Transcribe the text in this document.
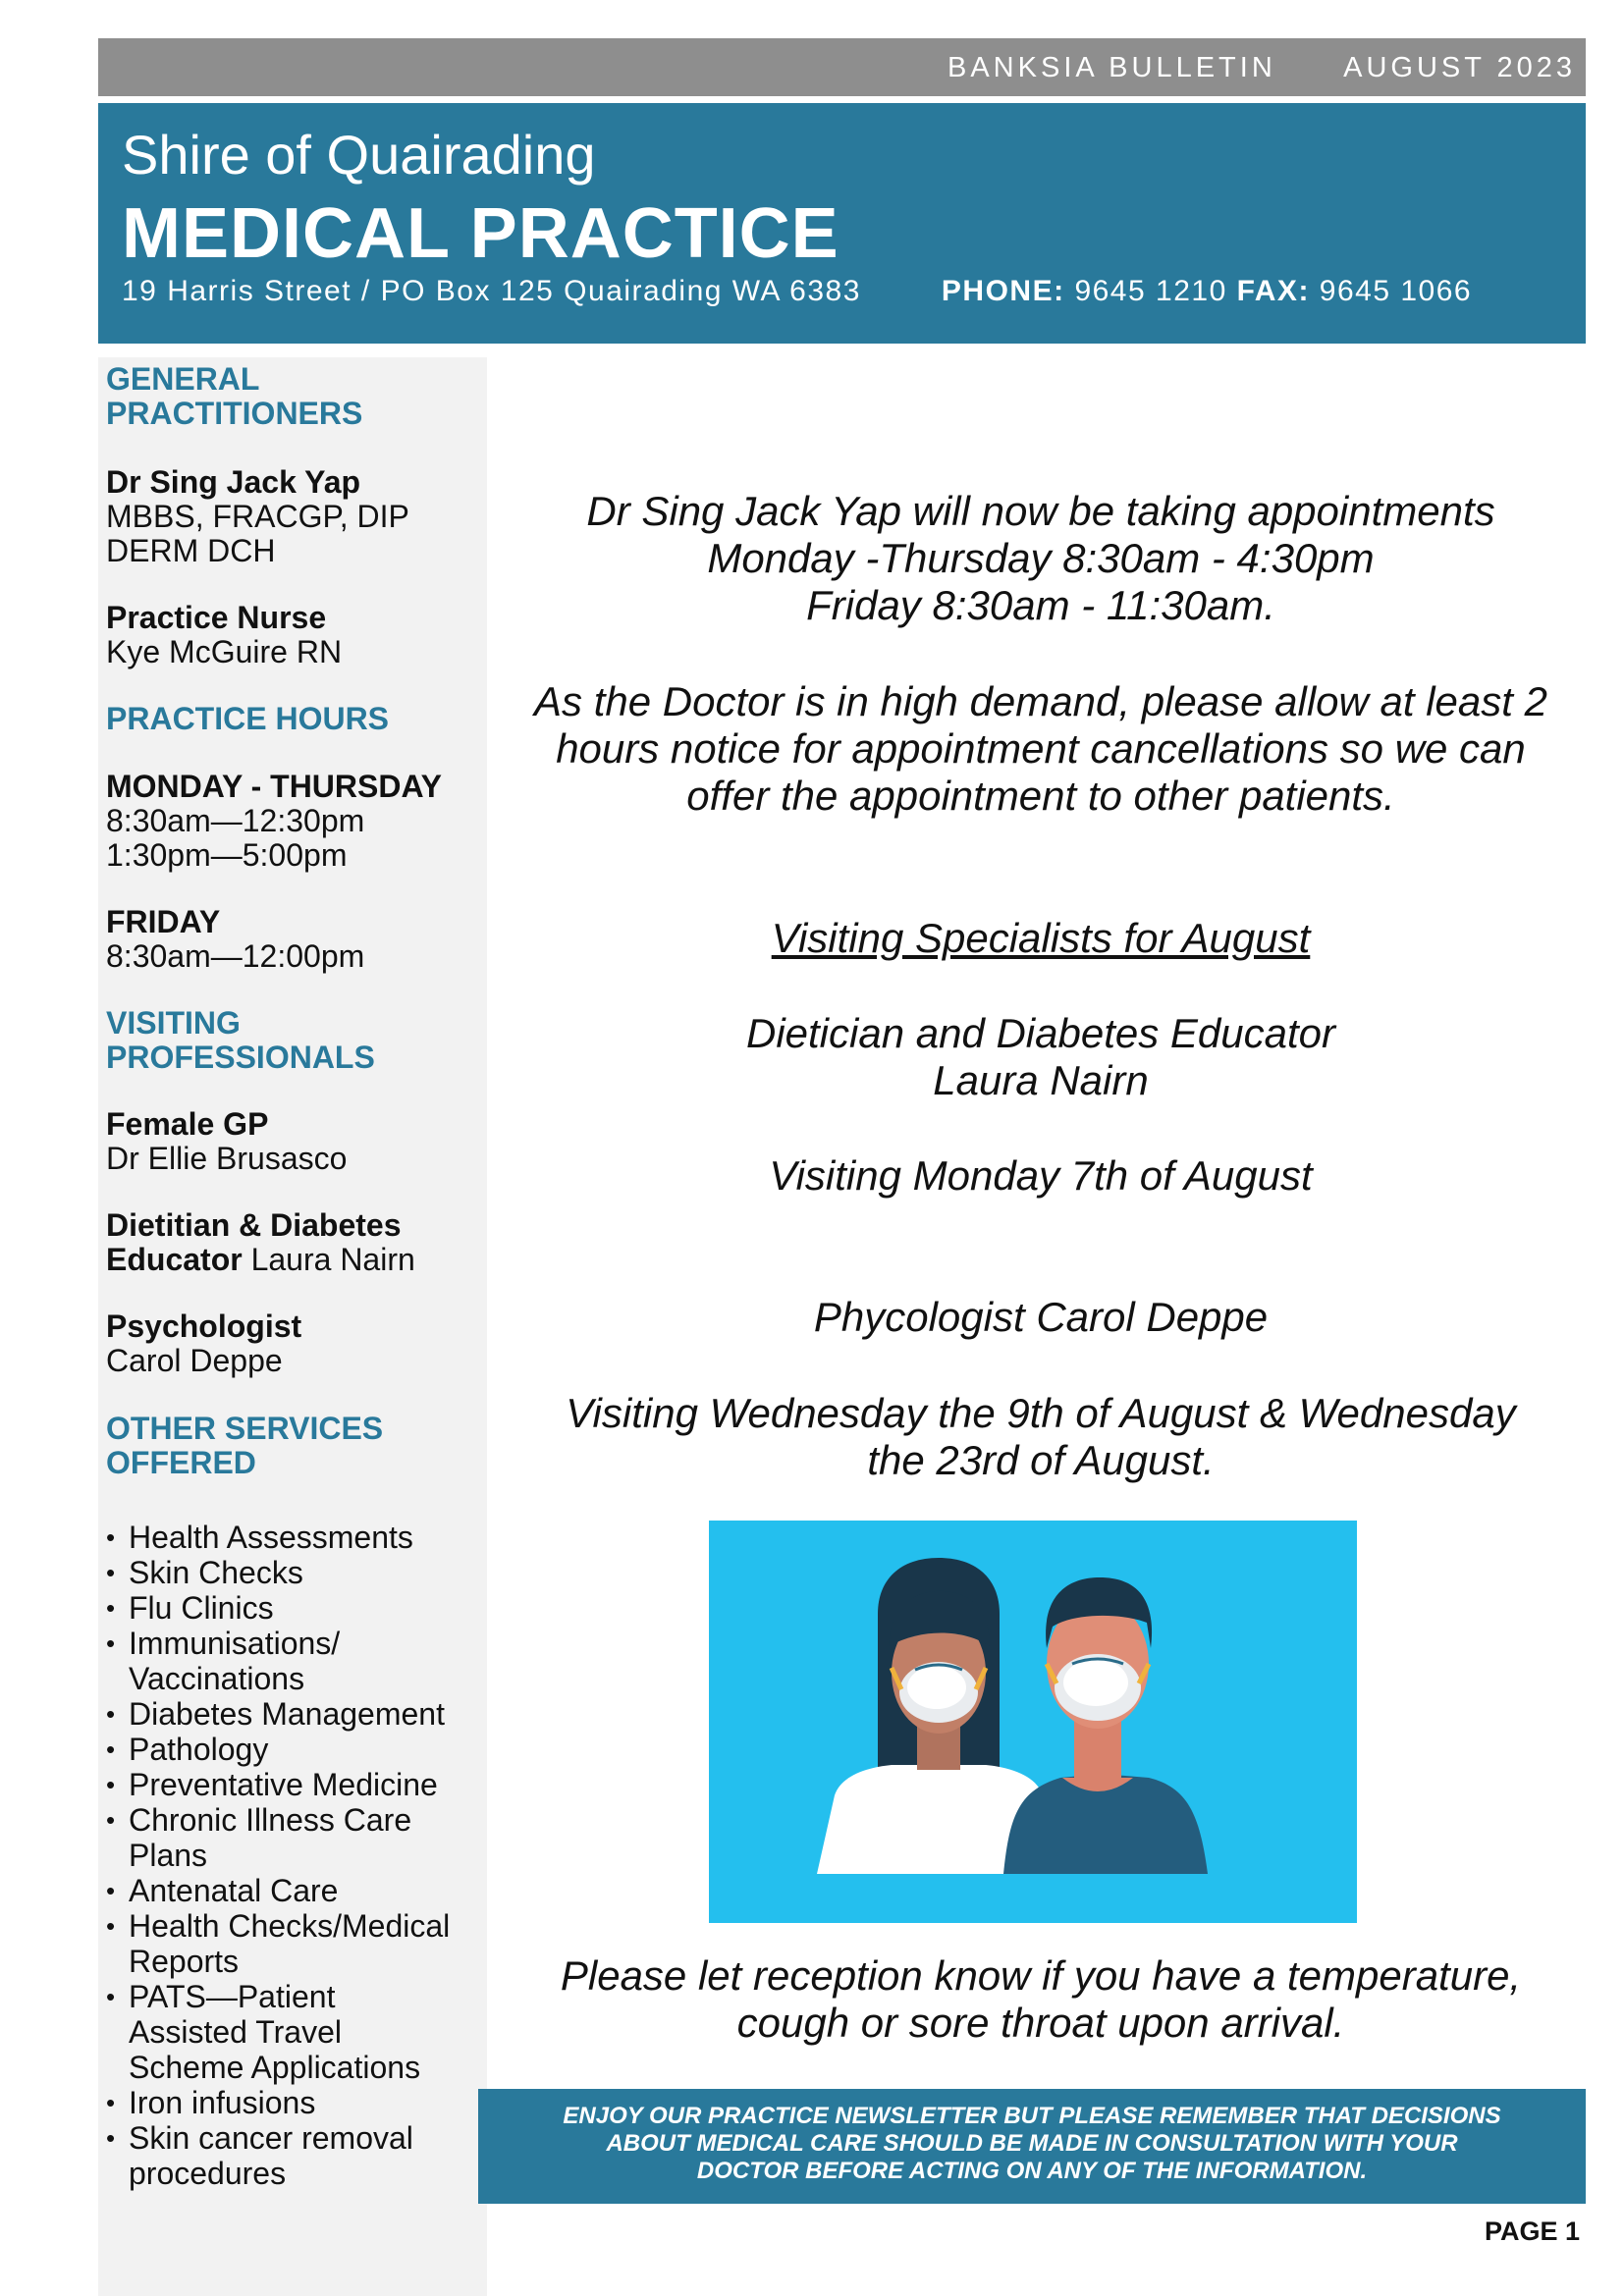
BANKSIA BULLETIN AUGUST 2023
Shire of Quairading
MEDICAL PRACTICE
19 Harris Street / PO Box 125 Quairading WA 6383	PHONE: 9645 1210 FAX: 9645 1066
GENERAL
PRACTITIONERS
Dr Sing Jack Yap
MBBS, FRACGP, DIP
DERM DCH
Practice Nurse
Kye McGuire RN
PRACTICE HOURS
MONDAY - THURSDAY
8:30am—12:30pm
1:30pm—5:00pm
FRIDAY
8:30am—12:00pm
VISITING
PROFESSIONALS
Female GP
Dr Ellie Brusasco
Dietitian & Diabetes
Educator Laura Nairn
Psychologist
Carol Deppe
OTHER SERVICES
OFFERED
• Health Assessments
• Skin Checks
• Flu Clinics
• Immunisations/
Vaccinations
• Diabetes Management
• Pathology
• Preventative Medicine
• Chronic Illness Care
Plans
• Antenatal Care
• Health Checks/Medical
Reports
• PATS—Patient
Assisted Travel
Scheme Applications
• Iron infusions
• Skin cancer removal
procedures
Dr Sing Jack Yap will now be taking appointments
Monday -Thursday 8:30am - 4:30pm
Friday 8:30am - 11:30am.
As the Doctor is in high demand, please allow at least 2
hours notice for appointment cancellations so we can
offer the appointment to other patients.
Visiting Specialists for August
Dietician and Diabetes Educator
Laura Nairn
Visiting Monday 7th of August
Phycologist Carol Deppe
Visiting Wednesday the 9th of August & Wednesday
the 23rd of August.
Please let reception know if you have a temperature,
cough or sore throat upon arrival.
ENJOY OUR PRACTICE NEWSLETTER BUT PLEASE REMEMBER THAT DECISIONS
ABOUT MEDICAL CARE SHOULD BE MADE IN CONSULTATION WITH YOUR
DOCTOR BEFORE ACTING ON ANY OF THE INFORMATION.
PAGE 1
